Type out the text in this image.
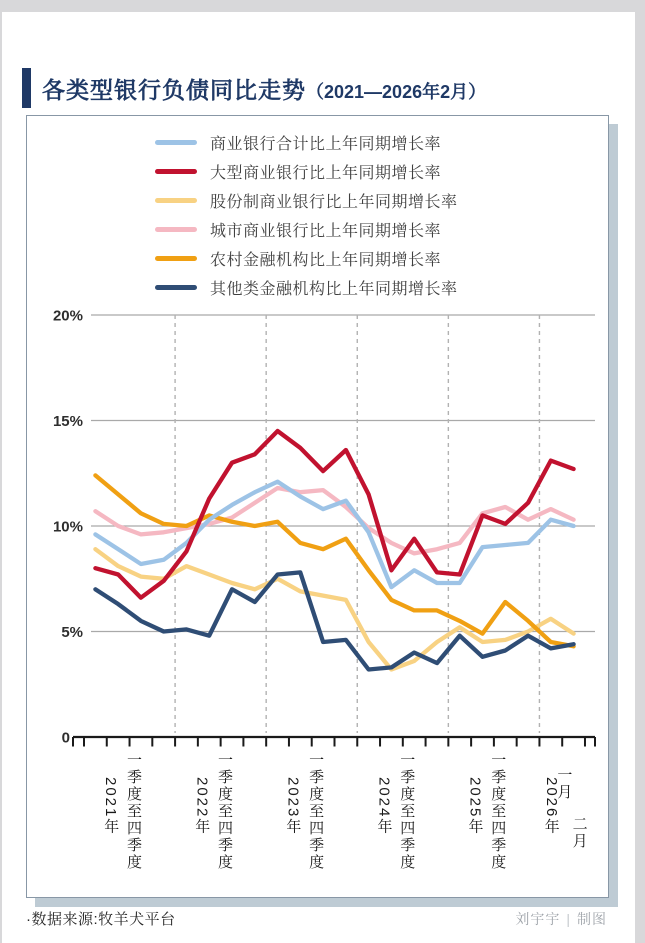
各类型银行负债同比走势（2021—2026年2月）
20%
15%
10%
5%
0
商业银行合计比上年同期增长率
大型商业银行比上年同期增长率
股份制商业银行比上年同期增长率
城市商业银行比上年同期增长率
农村金融机构比上年同期增长率
其他类金融机构比上年同期增长率
2021年 一季度至四季度	2022年 一季度至四季度	2023年 一季度至四季度	2024年 一季度至四季度	2025年 一季度至四季度 2026年
一月
二月
·数据来源:牧羊犬平台	刘宇宇 | 制图
